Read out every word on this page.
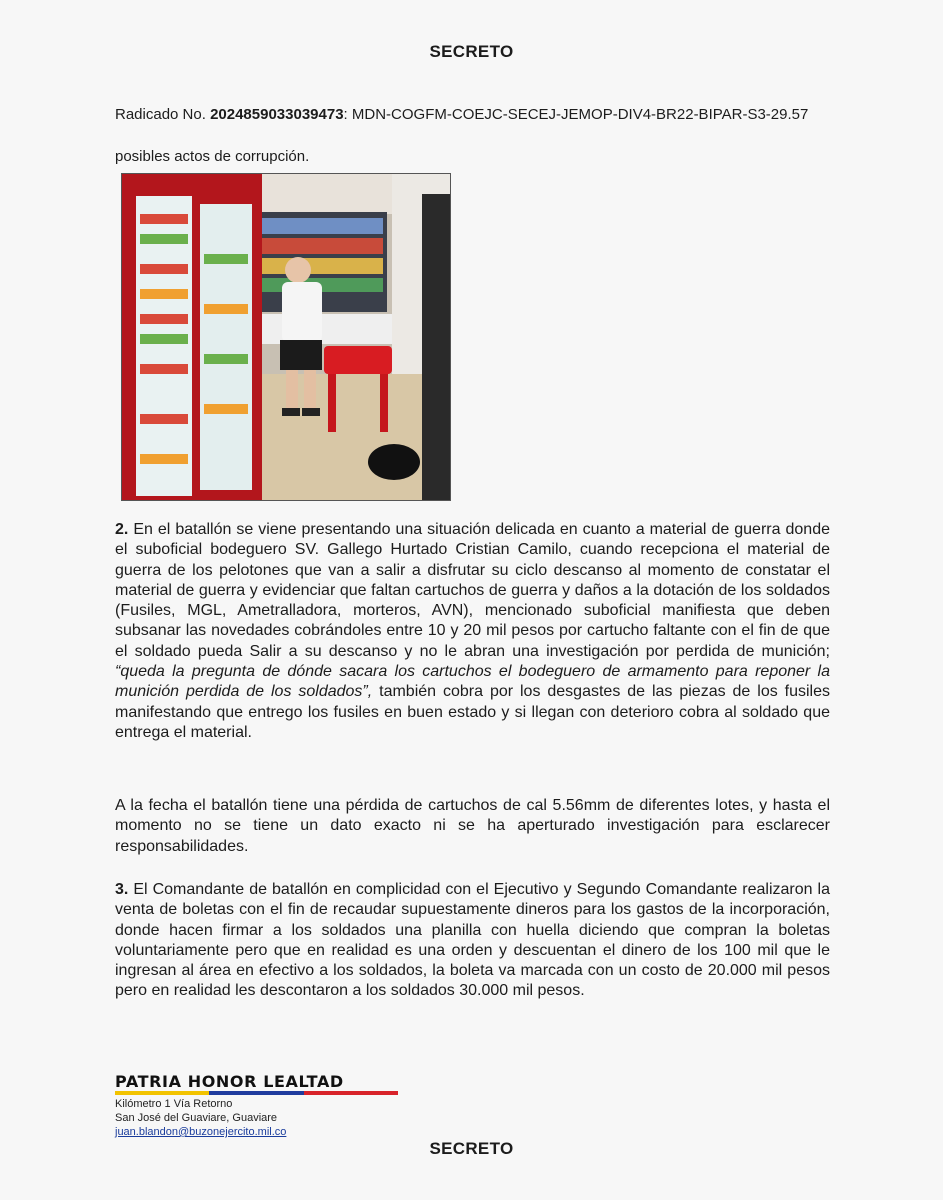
SECRETO
Radicado No. 2024859033039473: MDN-COGFM-COEJC-SECEJ-JEMOP-DIV4-BR22-BIPAR-S3-29.57
posibles actos de corrupción.
2. En el batallón se viene presentando una situación delicada en cuanto a material de guerra donde el suboficial bodeguero SV. Gallego Hurtado Cristian Camilo, cuando recepciona el material de guerra de los pelotones que van a salir a disfrutar su ciclo descanso al momento de constatar el material de guerra y evidenciar que faltan cartuchos de guerra y daños a la dotación de los soldados (Fusiles, MGL, Ametralladora, morteros, AVN), mencionado suboficial manifiesta que deben subsanar las novedades cobrándoles entre 10 y 20 mil pesos por cartucho faltante con el fin de que el soldado pueda Salir a su descanso y no le abran una investigación por perdida de munición; “queda la pregunta de dónde sacara los cartuchos el bodeguero de armamento para reponer la munición perdida de los soldados”, también cobra por los desgastes de las piezas de los fusiles manifestando que entrego los fusiles en buen estado y si llegan con deterioro cobra al soldado que entrega el material.
A la fecha el batallón tiene una pérdida de cartuchos de cal 5.56mm de diferentes lotes, y hasta el momento no se tiene un dato exacto ni se ha aperturado investigación para esclarecer responsabilidades.
3. El Comandante de batallón en complicidad con el Ejecutivo y Segundo Comandante realizaron la venta de boletas con el fin de recaudar supuestamente dineros para los gastos de la incorporación, donde hacen firmar a los soldados una planilla con huella diciendo que compran la boletas voluntariamente pero que en realidad es una orden y descuentan el dinero de los 100 mil que le ingresan al área en efectivo a los soldados, la boleta va marcada con un costo de 20.000 mil pesos pero en realidad les descontaron a los soldados 30.000 mil pesos.
PATRIA HONOR LEALTAD
Kilómetro 1 Vía Retorno
San José del Guaviare, Guaviare
juan.blandon@buzonejercito.mil.co
SECRETO
